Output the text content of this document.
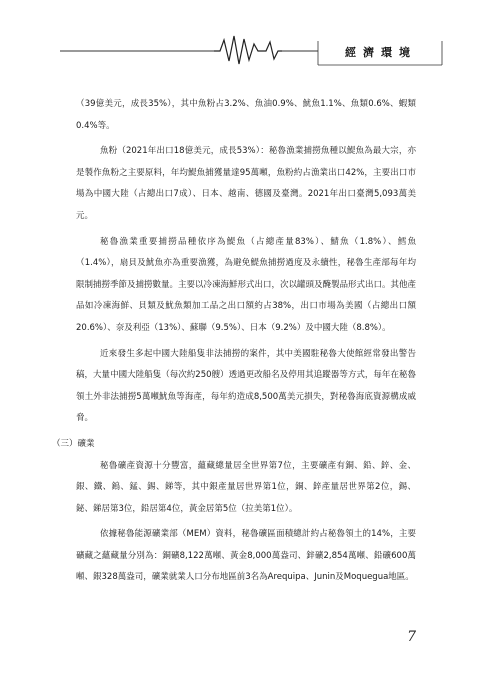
經濟環境

（39億美元，成長35%），其中魚粉占3.2%、魚油0.9%、魷魚1.1%、魚類0.6%、蝦類0.4%等。

魚粉（2021年出口18億美元，成長53%）：秘魯漁業捕撈魚種以鯷魚為最大宗，亦是製作魚粉之主要原料，年均鯷魚捕獲量達95萬噸，魚粉約占漁業出口42%，主要出口市場為中國大陸（占總出口7成）、日本、越南、德國及臺灣。2021年出口臺灣5,093萬美元。

秘魯漁業重要捕撈品種依序為鯷魚（占總產量83%）、鯖魚（1.8%）、鱈魚（1.4%），扇貝及魷魚亦為重要漁獲，為避免鯷魚捕撈過度及永續性，秘魯生產部每年均限制捕撈季節及捕撈數量。主要以冷凍海鮮形式出口，次以罐頭及醃製品形式出口。其他產品如冷凍海鮮、貝類及魷魚類加工品之出口額約占38%，出口市場為美國（占總出口額20.6%）、奈及利亞（13%）、蘇聯（9.5%）、日本（9.2%）及中國大陸（8.8%）。

近來發生多起中國大陸船隻非法捕撈的案件，其中美國駐秘魯大使館經常發出警告稿，大量中國大陸船隻（每次約250艘）透過更改船名及停用其追蹤器等方式，每年在秘魯領土外非法捕撈5萬噸魷魚等海產，每年約造成8,500萬美元損失，對秘魯海底資源構成威脅。

（三）礦業

秘魯礦產資源十分豐富，蘊藏總量居全世界第7位，主要礦產有銅、鉛、鋅、金、銀、鐵、鎢、錳、錫、銻等，其中銀產量居世界第1位，銅、鋅產量居世界第2位，錫、鉍、銻居第3位，鉛居第4位，黃金居第5位（拉美第1位）。

依據秘魯能源礦業部（MEM）資料，秘魯礦區面積總計約占秘魯領土的14%，主要礦藏之蘊藏量分別為：銅礦8,122萬噸、黃金8,000萬盎司、鋅礦2,854萬噸、鉛礦600萬噸、銀328萬盎司，礦業就業人口分布地區前3名為Arequipa、Junin及Moquegua地區。

7
